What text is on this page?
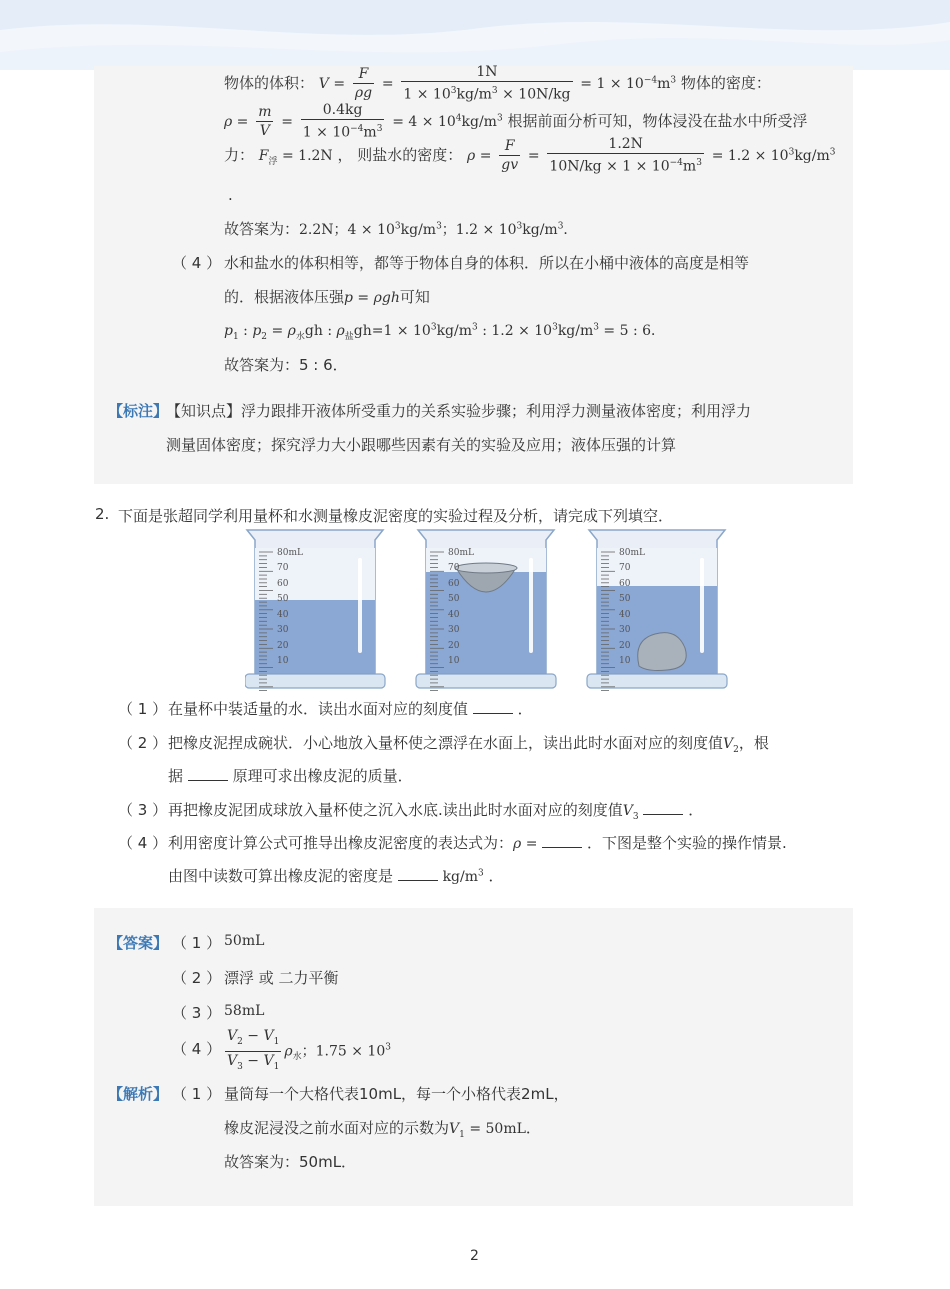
物体的体积： $V = \frac{F}{\rho g} = \frac{1N}{1 \times 10^3kg/m^3 \times 10N/kg} = 1 \times 10^{-4}m^3$ 物体的密度：
$\rho = \frac{m}{V} = \frac{0.4kg}{1 \times 10^{-4}m^3} = 4 \times 10^4kg/m^3$ 根据前面分析可知，物体浸没在盐水中所受浮
力： $F_浮 = 1.2N$ ， 则盐水的密度： $\rho = \frac{F}{gv} = \frac{1.2N}{10N/kg \times 1 \times 10^{-4}m^3} = 1.2 \times 10^3kg/m^3$
.
故答案为：2.2N；$4 \times 10^3kg/m^3$；$1.2 \times 10^3kg/m^3$．
（ 4 ） 水和盐水的体积相等，都等于物体自身的体积．所以在小桶中液体的高度是相等
的．根据液体压强p = ρgh可知
$p_1$ : $p_2 = \rho_水gh$ : $\rho_盐gh=1 \times 10^3kg/m^3$ : $1.2 \times 10^3kg/m^3 = 5$ : 6．
故答案为：5 : 6．
【标注】
【知识点】浮力跟排开液体所受重力的关系实验步骤；利用浮力测量液体密度；利用浮力
测量固体密度；探究浮力大小跟哪些因素有关的实验及应用；液体压强的计算
2. 下面是张超同学利用量杯和水测量橡皮泥密度的实验过程及分析，请完成下列填空．
80mL
70
60
50
40
30
20
10
80mL
70
60
50
40
30
20
10
80mL
70
60
50
40
30
20
10
（ 1 ） 在量杯中装适量的水．读出水面对应的刻度值	．
（ 2 ） 把橡皮泥捏成碗状．小心地放入量杯使之漂浮在水面上，读出此时水面对应的刻度值$V_2$，根
据	原理可求出橡皮泥的质量．
（ 3 ） 再把橡皮泥团成球放入量杯使之沉入水底.读出此时水面对应的刻度值$V_3$	．
（ 4 ） 利用密度计算公式可推导出橡皮泥密度的表达式为：ρ =	．下图是整个实验的操作情景.
由图中读数可算出橡皮泥的密度是	$kg/m^3$ ．
【答案】 （ 1 ） 50mL
（ 2 ） 漂浮 或 二力平衡
（ 3 ） 58mL
（ 4 ） $\frac{V_2 - V_1}{V_3 - V_1} \rho_水$；$1.75 \times 10^3$
【解析】 （ 1 ） 量筒每一个大格代表10mL，每一个小格代表2mL，
橡皮泥浸没之前水面对应的示数为$V_1 = 50mL$．
故答案为：50mL．
2
